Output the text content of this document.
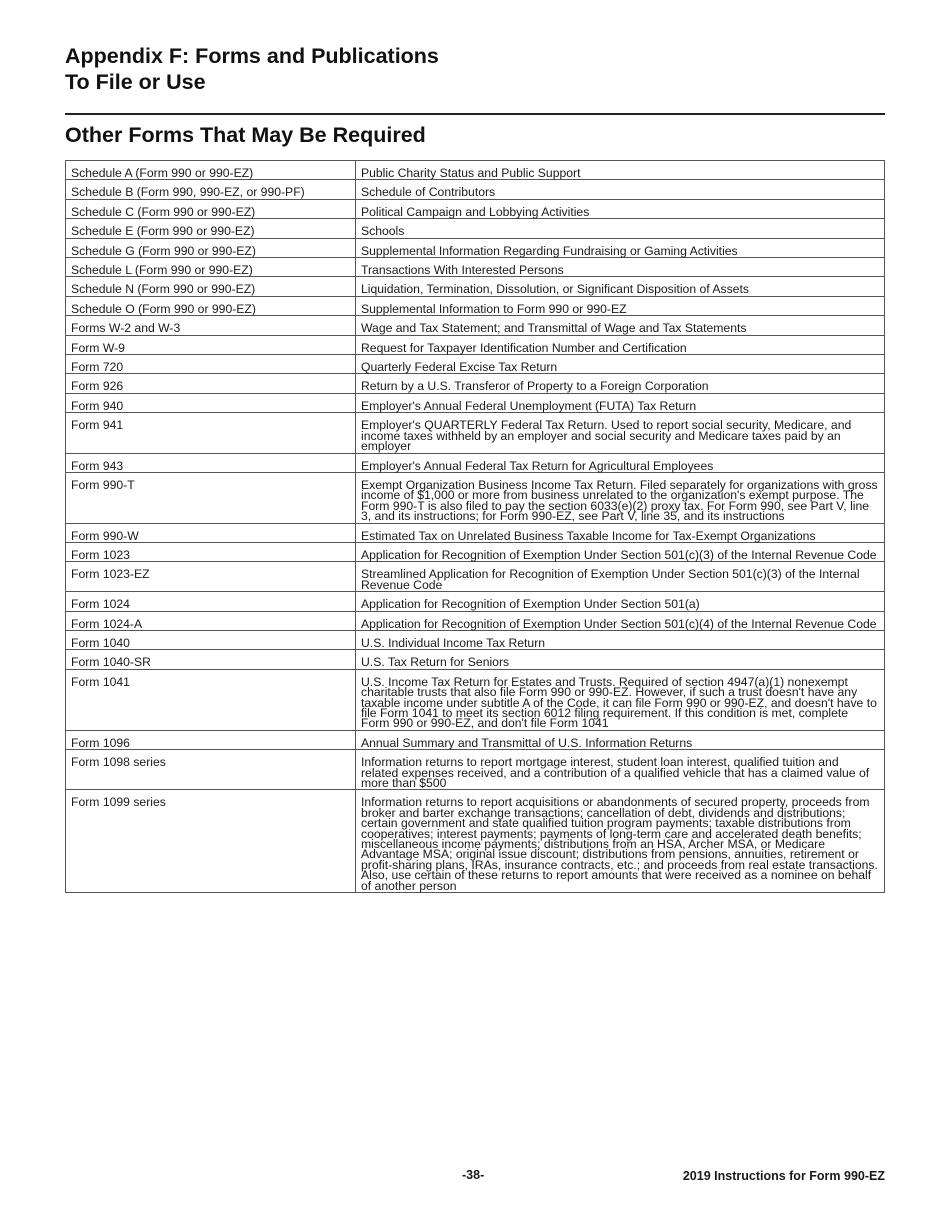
Appendix F: Forms and Publications
To File or Use
Other Forms That May Be Required
Schedule A (Form 990 or 990-EZ)	Public Charity Status and Public Support
Schedule B (Form 990, 990-EZ, or 990-PF)	Schedule of Contributors
Schedule C (Form 990 or 990-EZ)	Political Campaign and Lobbying Activities
Schedule E (Form 990 or 990-EZ)	Schools
Schedule G (Form 990 or 990-EZ)	Supplemental Information Regarding Fundraising or Gaming Activities
Schedule L (Form 990 or 990-EZ)	Transactions With Interested Persons
Schedule N (Form 990 or 990-EZ)	Liquidation, Termination, Dissolution, or Significant Disposition of Assets
Schedule O (Form 990 or 990-EZ)	Supplemental Information to Form 990 or 990-EZ
Forms W-2 and W-3	Wage and Tax Statement; and Transmittal of Wage and Tax Statements
Form W-9	Request for Taxpayer Identification Number and Certification
Form 720	Quarterly Federal Excise Tax Return
Form 926	Return by a U.S. Transferor of Property to a Foreign Corporation
Form 940	Employer's Annual Federal Unemployment (FUTA) Tax Return
Form 941	Employer's QUARTERLY Federal Tax Return. Used to report social security, Medicare, and income taxes withheld by an employer and social security and Medicare taxes paid by an employer
Form 943	Employer's Annual Federal Tax Return for Agricultural Employees
Form 990-T	Exempt Organization Business Income Tax Return. Filed separately for organizations with gross income of $1,000 or more from business unrelated to the organization's exempt purpose. The Form 990-T is also filed to pay the section 6033(e)(2) proxy tax. For Form 990, see Part V, line 3, and its instructions; for Form 990-EZ, see Part V, line 35, and its instructions
Form 990-W	Estimated Tax on Unrelated Business Taxable Income for Tax-Exempt Organizations
Form 1023	Application for Recognition of Exemption Under Section 501(c)(3) of the Internal Revenue Code
Form 1023-EZ	Streamlined Application for Recognition of Exemption Under Section 501(c)(3) of the Internal Revenue Code
Form 1024	Application for Recognition of Exemption Under Section 501(a)
Form 1024-A	Application for Recognition of Exemption Under Section 501(c)(4) of the Internal Revenue Code
Form 1040	U.S. Individual Income Tax Return
Form 1040-SR	U.S. Tax Return for Seniors
Form 1041	U.S. Income Tax Return for Estates and Trusts. Required of section 4947(a)(1) nonexempt charitable trusts that also file Form 990 or 990-EZ. However, if such a trust doesn't have any taxable income under subtitle A of the Code, it can file Form 990 or 990-EZ, and doesn't have to file Form 1041 to meet its section 6012 filing requirement. If this condition is met, complete Form 990 or 990-EZ, and don't file Form 1041
Form 1096	Annual Summary and Transmittal of U.S. Information Returns
Form 1098 series	Information returns to report mortgage interest, student loan interest, qualified tuition and related expenses received, and a contribution of a qualified vehicle that has a claimed value of more than $500
Form 1099 series	Information returns to report acquisitions or abandonments of secured property, proceeds from broker and barter exchange transactions; cancellation of debt, dividends and distributions; certain government and state qualified tuition program payments; taxable distributions from cooperatives; interest payments; payments of long-term care and accelerated death benefits; miscellaneous income payments; distributions from an HSA, Archer MSA, or Medicare Advantage MSA; original issue discount; distributions from pensions, annuities, retirement or profit-sharing plans, IRAs, insurance contracts, etc.; and proceeds from real estate transactions. Also, use certain of these returns to report amounts that were received as a nominee on behalf of another person
-38-	2019 Instructions for Form 990-EZ
